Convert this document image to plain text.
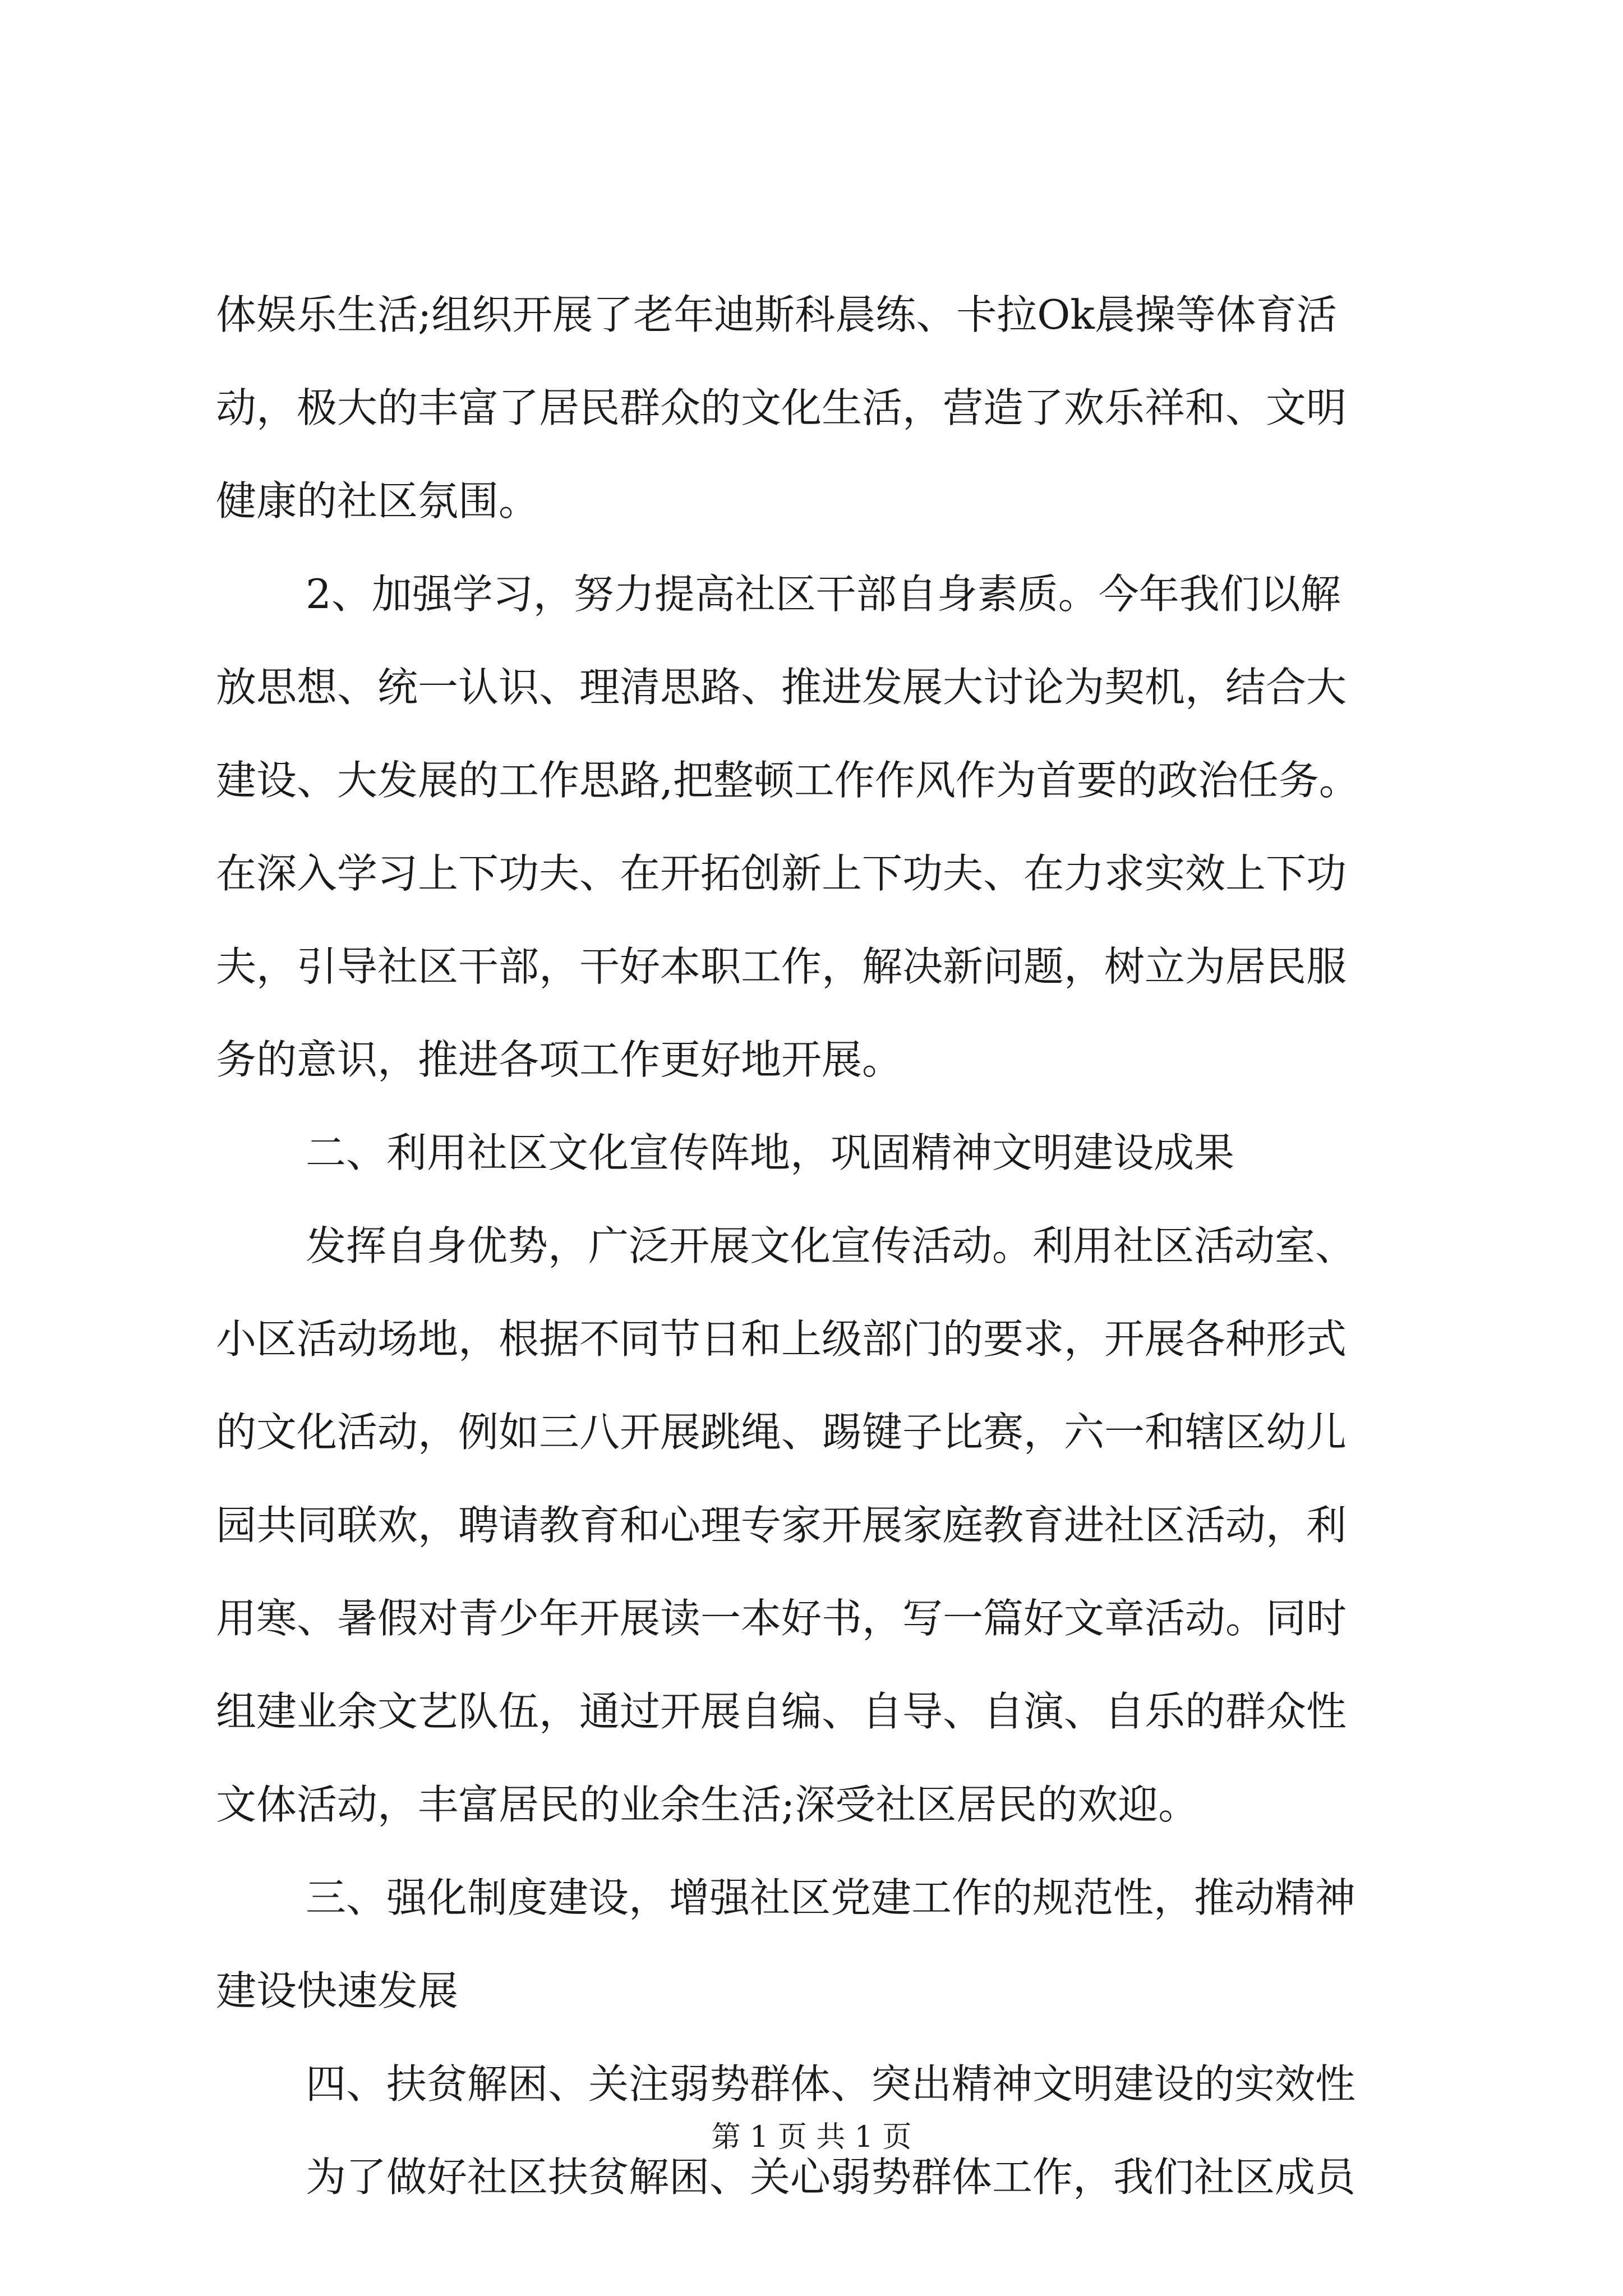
体娱乐生活;组织开展了老年迪斯科晨练、卡拉Ok晨操等体育活
动，极大的丰富了居民群众的文化生活，营造了欢乐祥和、文明
健康的社区氛围。
2、加强学习，努力提高社区干部自身素质。今年我们以解
放思想、统一认识、理清思路、推进发展大讨论为契机，结合大
建设、大发展的工作思路,把整顿工作作风作为首要的政治任务。
在深入学习上下功夫、在开拓创新上下功夫、在力求实效上下功
夫，引导社区干部，干好本职工作，解决新问题，树立为居民服
务的意识，推进各项工作更好地开展。
二、利用社区文化宣传阵地，巩固精神文明建设成果
发挥自身优势，广泛开展文化宣传活动。利用社区活动室、
小区活动场地，根据不同节日和上级部门的要求，开展各种形式
的文化活动，例如三八开展跳绳、踢键子比赛，六一和辖区幼儿
园共同联欢，聘请教育和心理专家开展家庭教育进社区活动，利
用寒、暑假对青少年开展读一本好书，写一篇好文章活动。同时
组建业余文艺队伍，通过开展自编、自导、自演、自乐的群众性
文体活动，丰富居民的业余生活;深受社区居民的欢迎。
三、强化制度建设，增强社区党建工作的规范性，推动精神
建设快速发展
四、扶贫解困、关注弱势群体、突出精神文明建设的实效性
为了做好社区扶贫解困、关心弱势群体工作，我们社区成员
第 1 页 共 1 页
